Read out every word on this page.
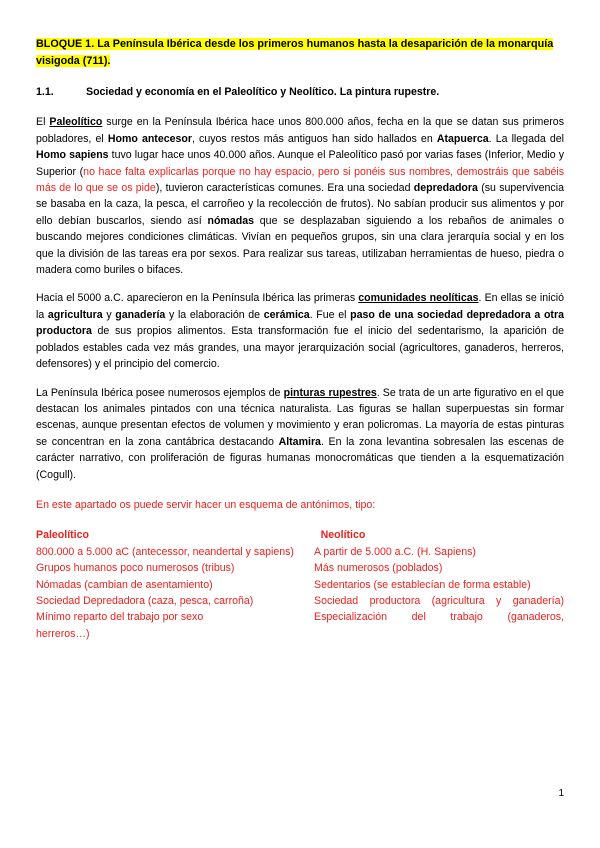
BLOQUE 1. La Península Ibérica desde los primeros humanos hasta la desaparición de la monarquía
visigoda (711).
1.1.	Sociedad y economía en el Paleolítico y Neolítico. La pintura rupestre.

El Paleolítico surge en la Península Ibérica hace unos 800.000 años, fecha en la que se datan sus primeros pobladores, el Homo antecesor, cuyos restos más antiguos han sido hallados en Atapuerca. La llegada del Homo sapiens tuvo lugar hace unos 40.000 años. Aunque el Paleolítico pasó por varias fases (Inferior, Medio y Superior (no hace falta explicarlas porque no hay espacio, pero si ponéis sus nombres, demostráis que sabéis más de lo que se os pide), tuvieron características comunes. Era una sociedad depredadora (su supervivencia se basaba en la caza, la pesca, el carroñeo y la recolección de frutos). No sabían producir sus alimentos y por ello debían buscarlos, siendo así nómadas que se desplazaban siguiendo a los rebaños de animales o buscando mejores condiciones climáticas. Vivían en pequeños grupos, sin una clara jerarquía social y en los que la división de las tareas era por sexos. Para realizar sus tareas, utilizaban herramientas de hueso, piedra o madera como buriles o bifaces.

Hacia el 5000 a.C. aparecieron en la Península Ibérica las primeras comunidades neolíticas. En ellas se inició la agricultura y ganadería y la elaboración de cerámica. Fue el paso de una sociedad depredadora a otra productora de sus propios alimentos. Esta transformación fue el inicio del sedentarismo, la aparición de poblados estables cada vez más grandes, una mayor jerarquización social (agricultores, ganaderos, herreros, defensores) y el principio del comercio.

La Península Ibérica posee numerosos ejemplos de pinturas rupestres. Se trata de un arte figurativo en el que destacan los animales pintados con una técnica naturalista. Las figuras se hallan superpuestas sin formar escenas, aunque presentan efectos de volumen y movimiento y eran policromas. La mayoría de estas pinturas se concentran en la zona cantábrica destacando Altamira. En la zona levantina sobresalen las escenas de carácter narrativo, con proliferación de figuras humanas monocromáticas que tienden a la esquematización (Cogull).

En este apartado os puede servir hacer un esquema de antónimos, tipo:

Paleolítico	Neolítico
800.000 a 5.000 aC (antecessor, neandertal y sapiens)	A partir de 5.000 a.C. (H. Sapiens)
Grupos humanos poco numerosos (tribus)	Más numerosos (poblados)
Nómadas (cambian de asentamiento)	Sedentarios (se establecían de forma estable)
Sociedad Depredadora (caza, pesca, carroña)	Sociedad productora (agricultura y ganadería)
Mínimo reparto del trabajo por sexo	Especialización del trabajo (ganaderos,
herreros…)
1
